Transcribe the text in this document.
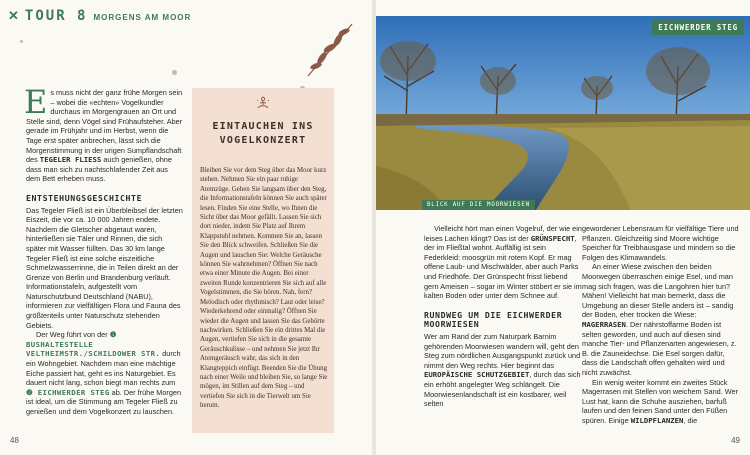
✕ TOUR 8 MORGENS AM MOOR

Es muss nicht der ganz frühe Morgen sein – wobei die «echten» Vogelkundler durchaus im Morgengrauen an Ort und Stelle sind, denn Vögel sind Frühaufsteher. Aber gerade im Frühjahr und im Herbst, wenn die Tage erst später anbrechen, lässt sich die Morgenstimmung in der urigen Sumpflandschaft des TEGELER FLIESS auch genießen, ohne dass man sich zu nachtschlafender Zeit aus dem Bett erheben muss.

ENTSTEHUNGSGESCHICHTE

Das Tegeler Fließ ist ein Überbleibsel der letzten Eiszeit, die vor ca. 10 000 Jahren endete. Nachdem die Gletscher abgetaut waren, hinterließen sie Täler und Rinnen, die sich später mit Wasser füllten. Das 30 km lange Tegeler Fließ ist eine solche eiszeitliche Schmelzwasserrinne, die in Teilen direkt an der Grenze von Berlin und Brandenburg verläuft. Informationstafeln, aufgestellt vom Naturschutzbund Deutschland (NABU), informieren zur vielfältigen Flora und Fauna des größtenteils unter Naturschutz stehenden Gebiets.

Der Weg führt von der ❶ BUSHALTESTELLE VELTHEIMSTR./SCHILDOWER STR. durch ein Wohngebiet. Nachdem man eine mächtige Eiche passiert hat, geht es ins Naturgebiet. Es dauert nicht lang, schon biegt man rechts zum ❷ EICHWERDER STEG ab. Der frühe Morgen ist ideal, um die Stimmung am Tegeler Fließ zu genießen und dem Vogelkonzert zu lauschen.

EINTAUCHEN INS
VOGELKONZERT

Bleiben Sie vor dem Steg über das Moor kurz stehen. Nehmen Sie ein paar ruhige Atemzüge. Gehen Sie langsam über den Steg, die Informationstafeln können Sie auch später lesen. Finden Sie eine Stelle, wo Ihnen die Sicht über das Moor gefällt. Lassen Sie sich dort nieder, indem Sie Platz auf Ihrem Klappstuhl nehmen. Kommen Sie an, lassen Sie den Blick schweifen. Schließen Sie die Augen und lauschen Sie: Welche Geräusche können Sie wahrnehmen? Öffnen Sie nach etwa einer Minute die Augen. Bei einer zweiten Runde konzentrieren Sie sich auf alle Vogelstimmen, die Sie hören. Nah, fern? Melodisch oder rhythmisch? Laut oder leise? Wiederkehrend oder einmalig? Öffnen Sie wieder die Augen und lassen Sie das Gehörte nachwirken. Schließen Sie ein drittes Mal die Augen, vertiefen Sie sich in die gesamte Geräuschkulisse – und nehmen Sie jetzt Ihr Atemgeräusch wahr, das sich in den Klangteppich einfügt. Beenden Sie die Übung nach einer Weile und bleiben Sie, so lange Sie mögen, im Stillen auf dem Steg – und vertiefen Sie sich in die Tierwelt um Sie herum.

48
EICHWERDER STEG
BLICK AUF DIE MOORWIESEN

Vielleicht hört man einen Vogelruf, der wie ein leises Lachen klingt? Das ist der GRÜNSPECHT, der im Fließtal wohnt. Auffällig ist sein Federkleid: moosgrün mit rotem Kopf. Er mag offene Laub- und Mischwälder, aber auch Parks und Friedhöfe. Der Grünspecht frisst liebend gern Ameisen – sogar im Winter stöbert er sie im kalten Boden oder unter dem Schnee auf.

RUNDWEG UM DIE EICHWERDER
MOORWIESEN

Wer am Rand der zum Naturpark Barnim gehörenden Moorwiesen wandern will, geht den Steg zum nördlichen Ausgangspunkt zurück und nimmt den Weg rechts. Hier beginnt das EUROPÄISCHE SCHUTZGEBIET, durch das sich ein erhöht angelegter Weg schlängelt. Die Moorwiesenlandschaft ist ein kostbarer, weil selten

gewordener Lebensraum für vielfältige Tiere und Pflanzen. Gleichzeitig sind Moore wichtige Speicher für Treibhausgase und mindern so die Folgen des Klimawandels.

An einer Wiese zwischen den beiden Moorwegen überraschen einige Esel, und man mag sich fragen, was die Langohren hier tun? Mähen! Vielleicht hat man bemerkt, dass die Umgebung an dieser Stelle anders ist – sandig der Boden, eher trocken die Wiese: MAGERRASEN. Der nährstoffarme Boden ist selten geworden, und auch auf diesen sind manche Tier- und Pflanzenarten angewiesen, z. B. die Zauneidechse. Die Esel sorgen dafür, dass die Landschaft offen gehalten wird und nicht zuwächst.

Ein wenig weiter kommt ein zweites Stück Magerrasen mit Stellen von weichem Sand. Wer Lust hat, kann die Schuhe ausziehen, barfuß laufen und den feinen Sand unter den Füßen spüren. Einige WILDPFLANZEN, die

49
